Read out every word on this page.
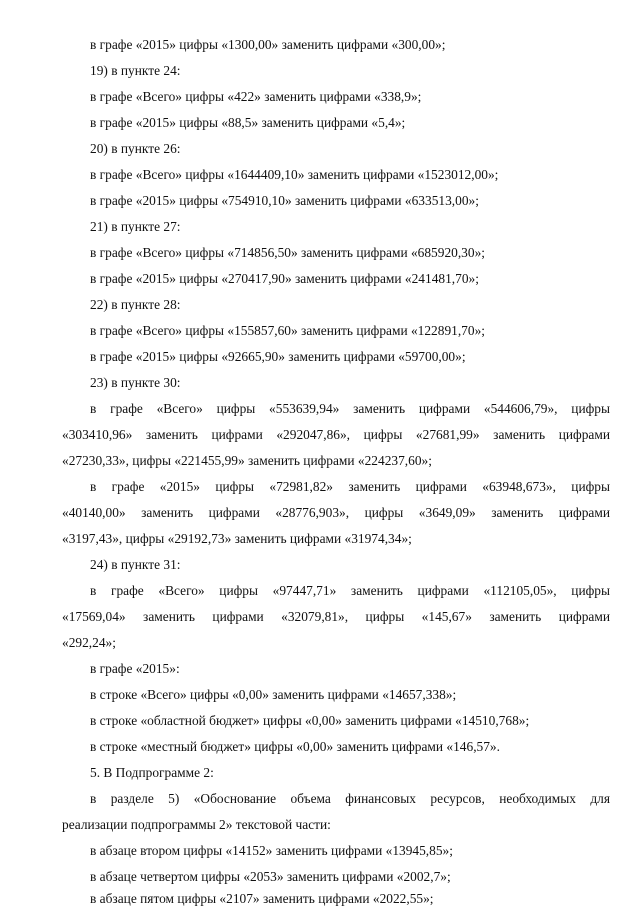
в графе «2015» цифры «1300,00» заменить цифрами «300,00»;
19) в пункте 24:
в графе «Всего» цифры «422» заменить цифрами «338,9»;
в графе «2015» цифры «88,5» заменить цифрами «5,4»;
20) в пункте 26:
в графе «Всего» цифры «1644409,10» заменить цифрами «1523012,00»;
в графе «2015» цифры «754910,10» заменить цифрами «633513,00»;
21) в пункте 27:
в графе «Всего» цифры «714856,50» заменить цифрами «685920,30»;
в графе «2015» цифры «270417,90» заменить цифрами «241481,70»;
22) в пункте 28:
в графе «Всего» цифры «155857,60» заменить цифрами «122891,70»;
в графе «2015» цифры «92665,90» заменить цифрами «59700,00»;
23) в пункте 30:
в графе «Всего» цифры «553639,94» заменить цифрами «544606,79», цифры
«303410,96» заменить цифрами «292047,86», цифры «27681,99» заменить цифрами
«27230,33», цифры «221455,99» заменить цифрами «224237,60»;
в графе «2015» цифры «72981,82» заменить цифрами «63948,673», цифры
«40140,00» заменить цифрами «28776,903», цифры «3649,09» заменить цифрами
«3197,43», цифры «29192,73» заменить цифрами «31974,34»;
24) в пункте 31:
в графе «Всего» цифры «97447,71» заменить цифрами «112105,05», цифры
«17569,04» заменить цифрами «32079,81», цифры «145,67» заменить цифрами
«292,24»;
в графе «2015»:
в строке «Всего» цифры «0,00» заменить цифрами «14657,338»;
в строке «областной бюджет» цифры «0,00» заменить цифрами «14510,768»;
в строке «местный бюджет» цифры «0,00» заменить цифрами «146,57».
5. В Подпрограмме 2:
в разделе 5) «Обоснование объема финансовых ресурсов, необходимых для
реализации подпрограммы 2» текстовой части:
в абзаце втором цифры «14152» заменить цифрами «13945,85»;
в абзаце четвертом цифры «2053» заменить цифрами «2002,7»;
в абзаце пятом цифры «2107» заменить цифрами «2022,55»;
